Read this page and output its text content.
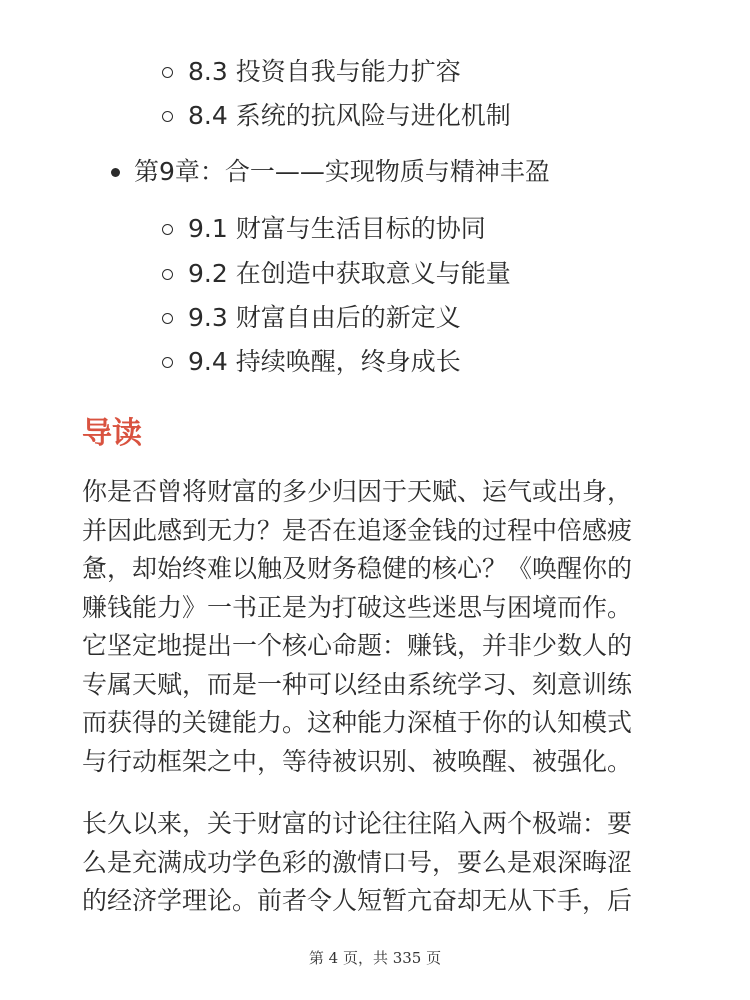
8.3 投资自我与能力扩容
8.4 系统的抗风险与进化机制
第9章：合一——实现物质与精神丰盈
9.1 财富与生活目标的协同
9.2 在创造中获取意义与能量
9.3 财富自由后的新定义
9.4 持续唤醒，终身成长
导读
你是否曾将财富的多少归因于天赋、运气或出身，
并因此感到无力？是否在追逐金钱的过程中倍感疲
惫，却始终难以触及财务稳健的核心？《唤醒你的
赚钱能力》一书正是为打破这些迷思与困境而作。
它坚定地提出一个核心命题：赚钱，并非少数人的
专属天赋，而是一种可以经由系统学习、刻意训练
而获得的关键能力。这种能力深植于你的认知模式
与行动框架之中，等待被识别、被唤醒、被强化。
长久以来，关于财富的讨论往往陷入两个极端：要
么是充满成功学色彩的激情口号，要么是艰深晦涩
的经济学理论。前者令人短暂亢奋却无从下手，后
第 4 页，共 335 页
